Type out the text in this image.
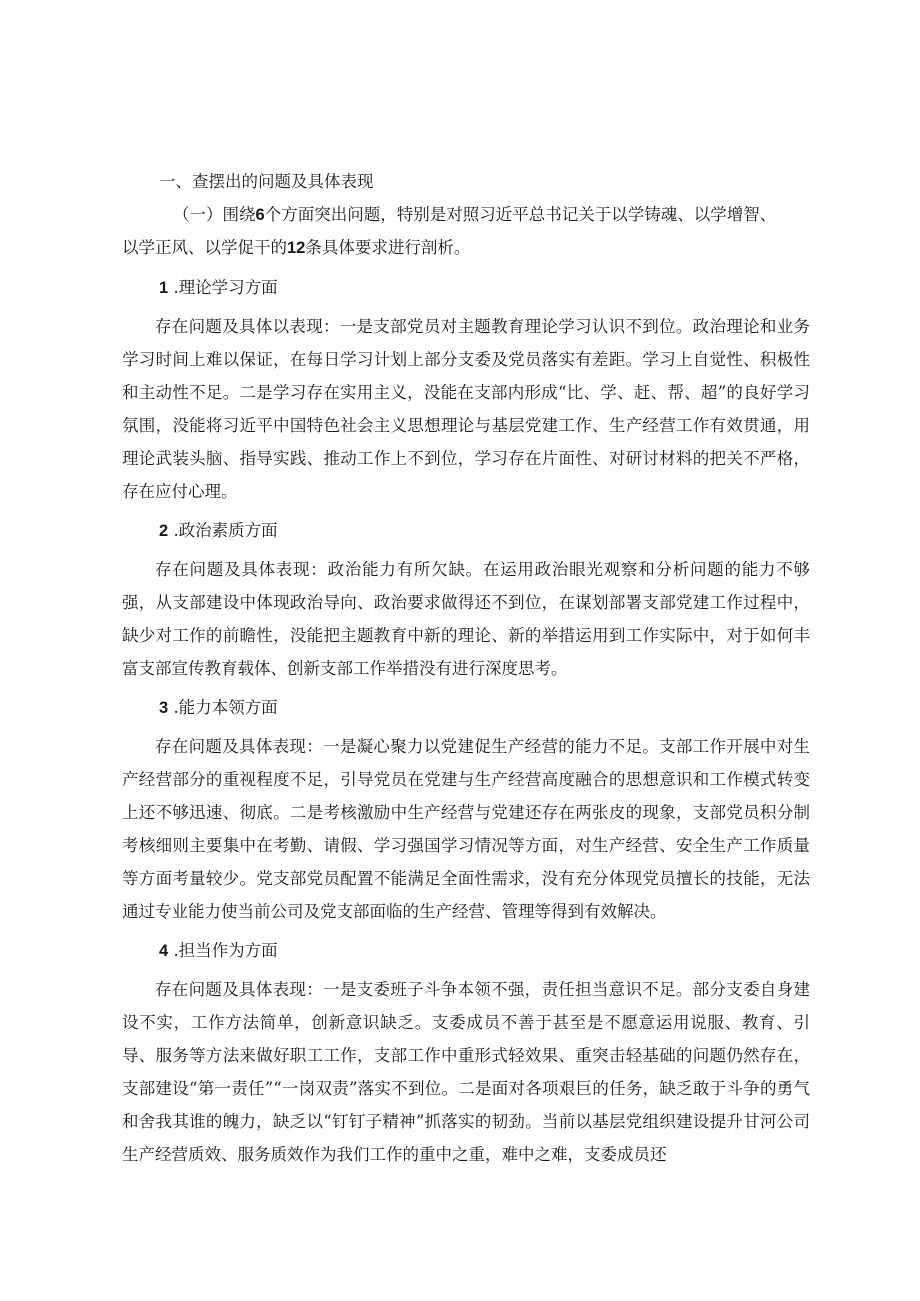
一、查摆出的问题及具体表现
（一）围绕6个方面突出问题，特别是对照习近平总书记关于以学铸魂、以学增智、
以学正风、以学促干的12条具体要求进行剖析。
1 .理论学习方面

存在问题及具体以表现：一是支部党员对主题教育理论学习认识不到位。政治理论和业务学习时间上难以保证，在每日学习计划上部分支委及党员落实有差距。学习上自觉性、积极性和主动性不足。二是学习存在实用主义，没能在支部内形成“比、学、赶、帮、超”的良好学习氛围，没能将习近平中国特色社会主义思想理论与基层党建工作、生产经营工作有效贯通，用理论武装头脑、指导实践、推动工作上不到位，学习存在片面性、对研讨材料的把关不严格，存在应付心理。

2 .政治素质方面

存在问题及具体表现：政治能力有所欠缺。在运用政治眼光观察和分析问题的能力不够强，从支部建设中体现政治导向、政治要求做得还不到位，在谋划部署支部党建工作过程中，缺少对工作的前瞻性，没能把主题教育中新的理论、新的举措运用到工作实际中，对于如何丰富支部宣传教育载体、创新支部工作举措没有进行深度思考。

3 .能力本领方面

存在问题及具体表现：一是凝心聚力以党建促生产经营的能力不足。支部工作开展中对生产经营部分的重视程度不足，引导党员在党建与生产经营高度融合的思想意识和工作模式转变上还不够迅速、彻底。二是考核激励中生产经营与党建还存在两张皮的现象，支部党员积分制考核细则主要集中在考勤、请假、学习强国学习情况等方面，对生产经营、安全生产工作质量等方面考量较少。党支部党员配置不能满足全面性需求，没有充分体现党员擅长的技能，无法通过专业能力使当前公司及党支部面临的生产经营、管理等得到有效解决。

4 .担当作为方面

存在问题及具体表现：一是支委班子斗争本领不强，责任担当意识不足。部分支委自身建设不实，工作方法简单，创新意识缺乏。支委成员不善于甚至是不愿意运用说服、教育、引导、服务等方法来做好职工工作，支部工作中重形式轻效果、重突击轻基础的问题仍然存在，支部建设“第一责任”“一岗双责”落实不到位。二是面对各项艰巨的任务，缺乏敢于斗争的勇气和舍我其谁的魄力，缺乏以“钉钉子精神”抓落实的韧劲。当前以基层党组织建设提升甘河公司生产经营质效、服务质效作为我们工作的重中之重，难中之难，支委成员还
